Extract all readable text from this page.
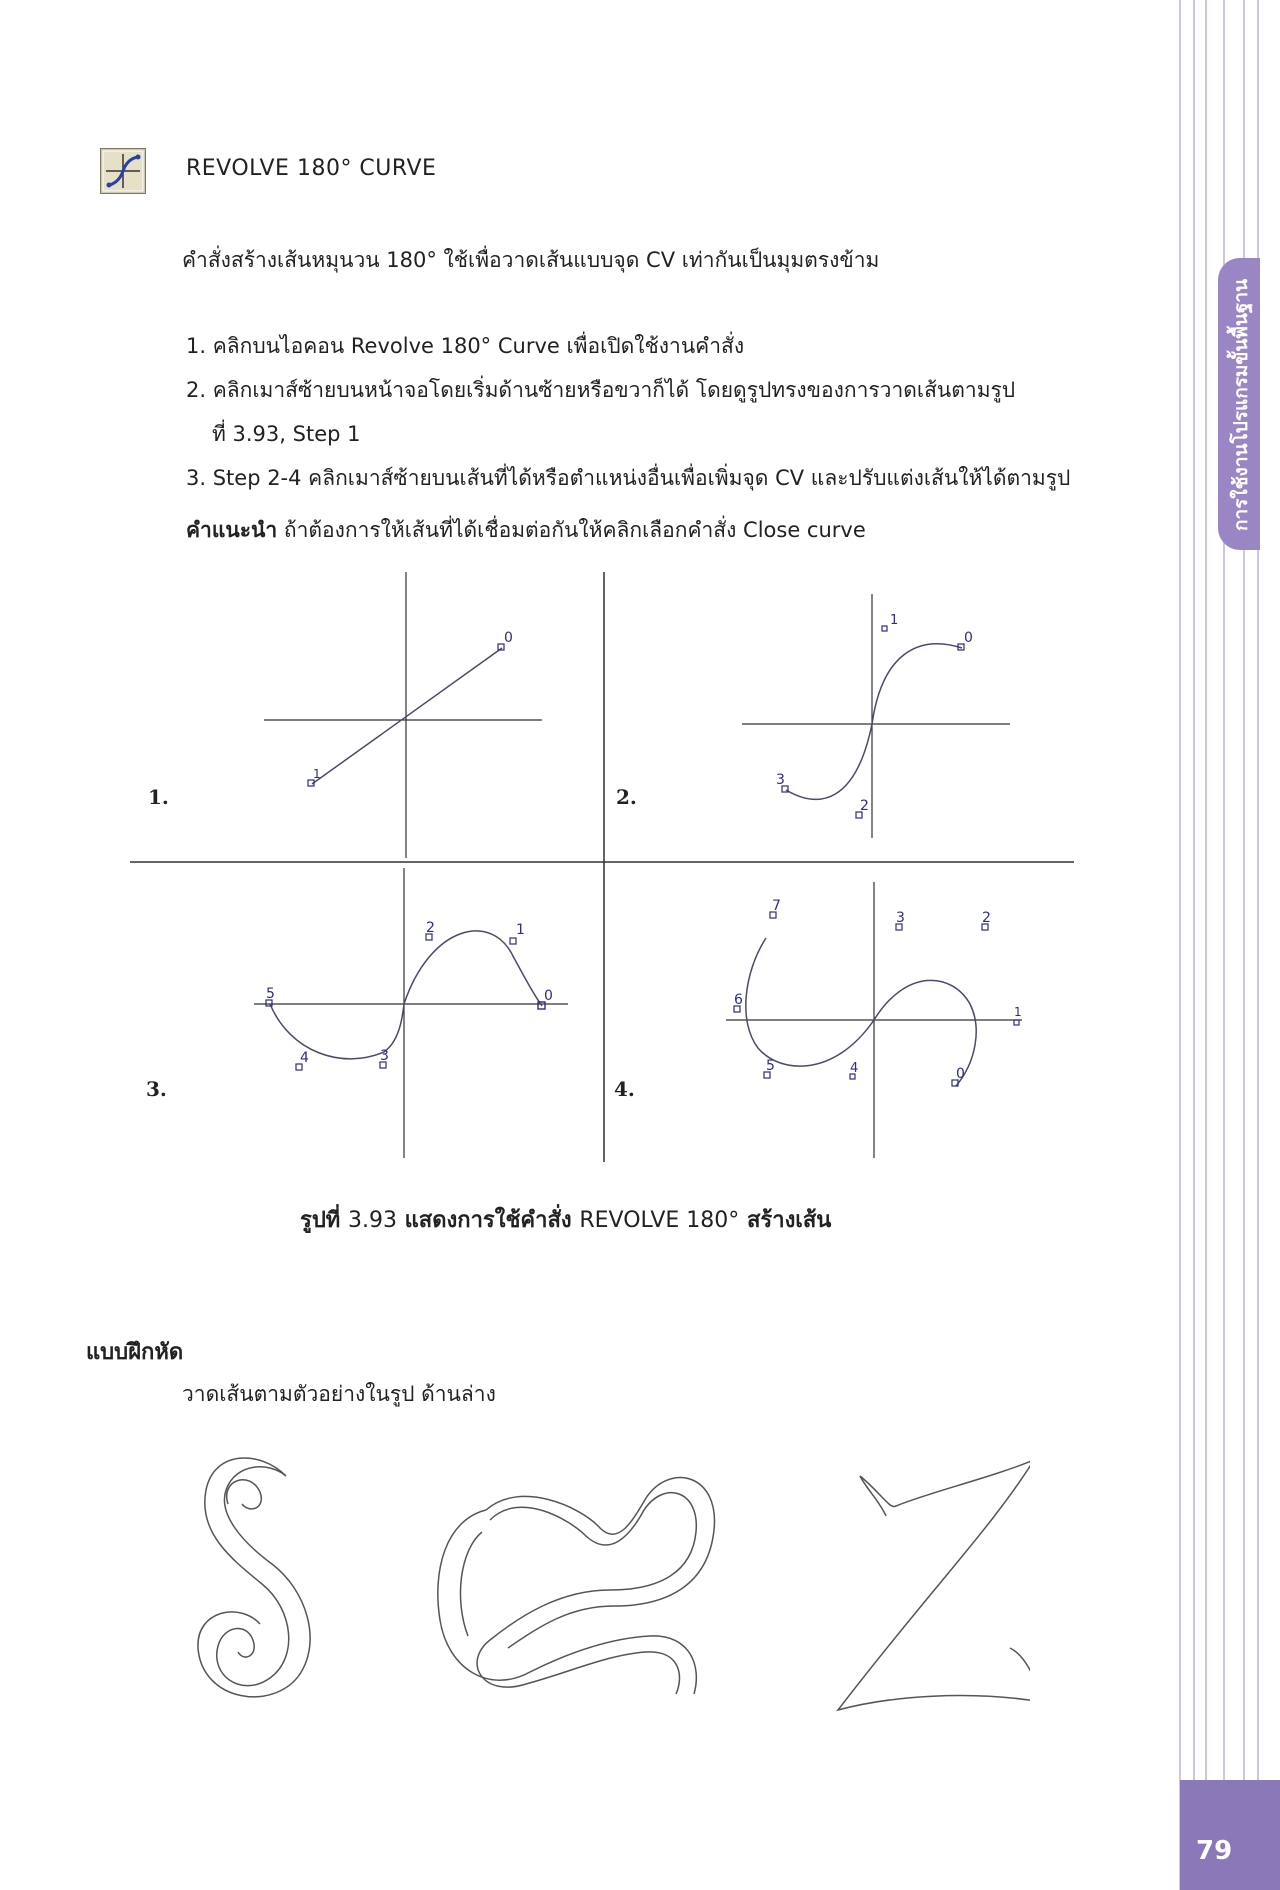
การใช้งานโปรแกรมขั้นพื้นฐาน
79
REVOLVE 180° CURVE
คำสั่งสร้างเส้นหมุนวน 180° ใช้เพื่อวาดเส้นแบบจุด CV เท่ากันเป็นมุมตรงข้าม
1. คลิกบนไอคอน Revolve 180° Curve เพื่อเปิดใช้งานคำสั่ง
2. คลิกเมาส์ซ้ายบนหน้าจอโดยเริ่มด้านซ้ายหรือขวาก็ได้ โดยดูรูปทรงของการวาดเส้นตามรูป
ที่ 3.93, Step 1
3. Step 2-4 คลิกเมาส์ซ้ายบนเส้นที่ได้หรือตำแหน่งอื่นเพื่อเพิ่มจุด CV และปรับแต่งเส้นให้ได้ตามรูป
คำแนะนำ ถ้าต้องการให้เส้นที่ได้เชื่อมต่อกันให้คลิกเลือกคำสั่ง Close curve
1
0
1.
1
0
3
2
2.
5
4	3
2	1
0
3.
7
6
5	4
3	2
1
0
4.
รูปที่ 3.93 แสดงการใช้คำสั่ง REVOLVE 180° สร้างเส้น
แบบฝึกหัด
วาดเส้นตามตัวอย่างในรูป ด้านล่าง
